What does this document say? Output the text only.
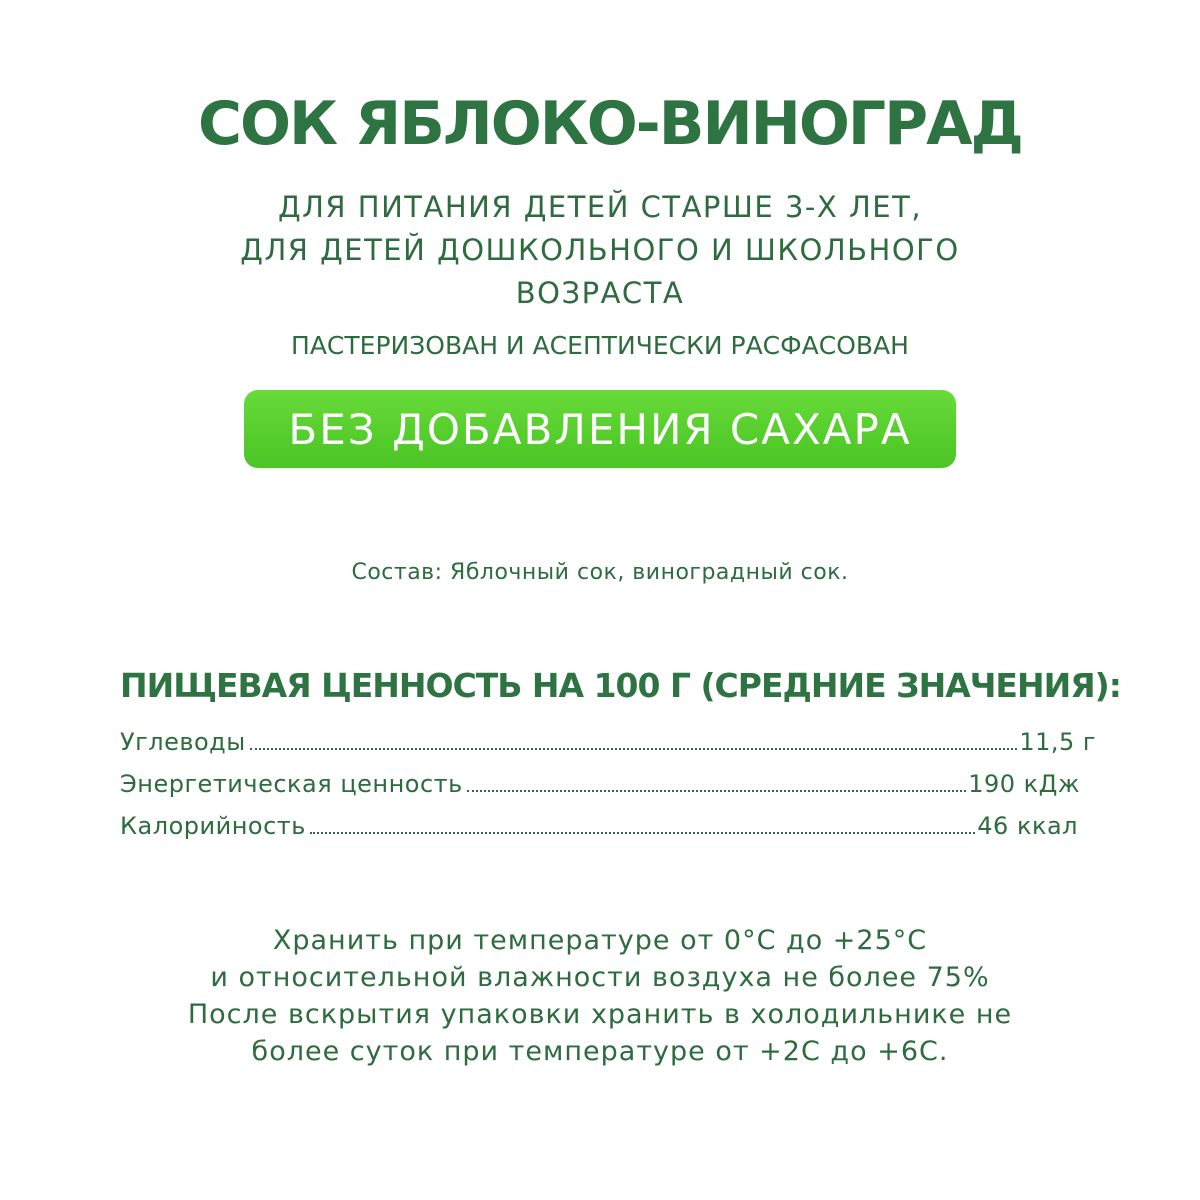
СОК ЯБЛОКО-ВИНОГРАД
ДЛЯ ПИТАНИЯ ДЕТЕЙ СТАРШЕ 3-Х ЛЕТ,
ДЛЯ ДЕТЕЙ ДОШКОЛЬНОГО И ШКОЛЬНОГО
ВОЗРАСТА
ПАСТЕРИЗОВАН И АСЕПТИЧЕСКИ РАСФАСОВАН
БЕЗ ДОБАВЛЕНИЯ САХАРА
Состав: Яблочный сок, виноградный сок.
ПИЩЕВАЯ ЦЕННОСТЬ НА 100 Г (СРЕДНИЕ ЗНАЧЕНИЯ):
Углеводы	11,5 г
Энергетическая ценность	190 кДж
Калорийность	46 ккал
Хранить при температуре от 0°С до +25°С
и относительной влажности воздуха не более 75%
После вскрытия упаковки хранить в холодильнике не
более суток при температуре от +2С до +6С.
